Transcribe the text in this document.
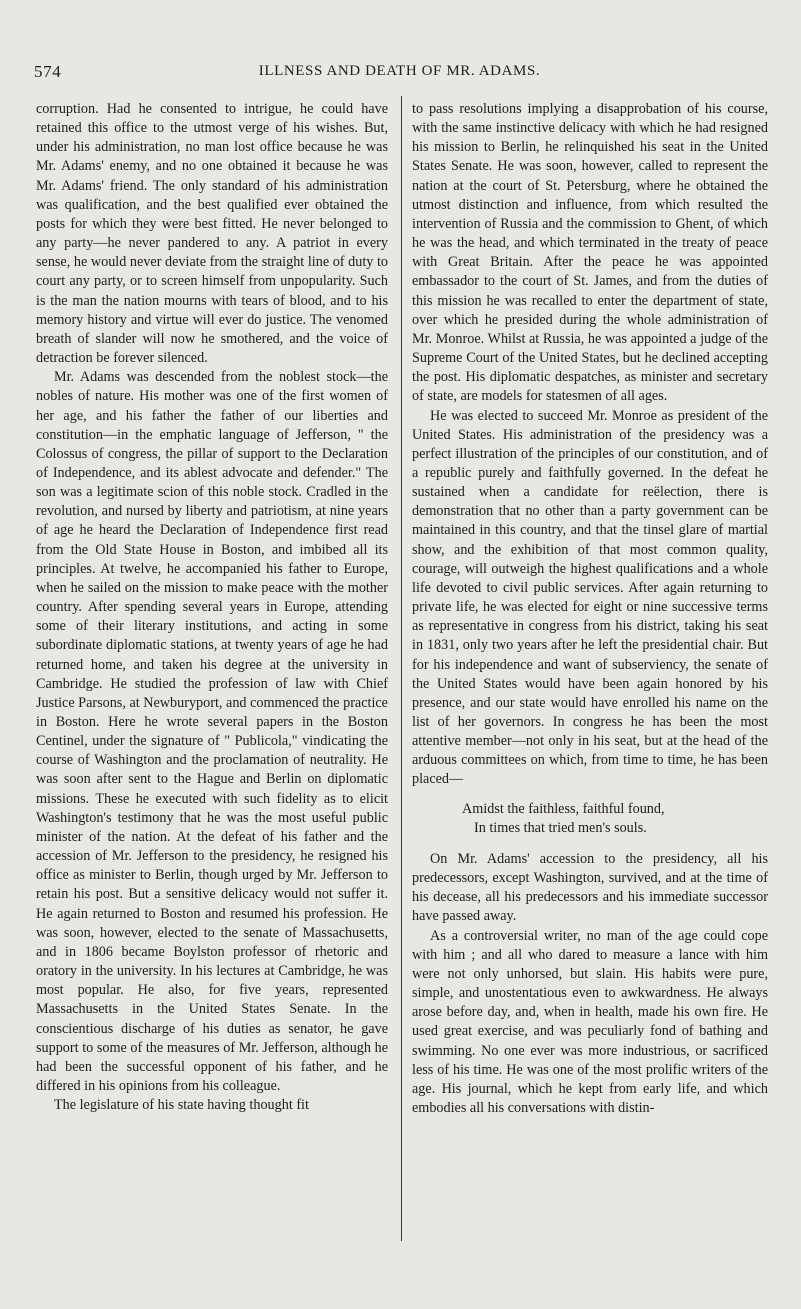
574	ILLNESS AND DEATH OF MR. ADAMS.

corruption. Had he consented to intrigue, he could have retained this office to the utmost verge of his wishes. But, under his administration, no man lost office because he was Mr. Adams' enemy, and no one obtained it because he was Mr. Adams' friend. The only standard of his administration was qualification, and the best qualified ever obtained the posts for which they were best fitted. He never belonged to any party—he never pandered to any. A patriot in every sense, he would never deviate from the straight line of duty to court any party, or to screen himself from unpopularity. Such is the man the nation mourns with tears of blood, and to his memory history and virtue will ever do justice. The venomed breath of slander will now he smothered, and the voice of detraction be forever silenced.

Mr. Adams was descended from the noblest stock—the nobles of nature. His mother was one of the first women of her age, and his father the father of our liberties and constitution—in the emphatic language of Jefferson, " the Colossus of congress, the pillar of support to the Declaration of Independence, and its ablest advocate and defender." The son was a legitimate scion of this noble stock. Cradled in the revolution, and nursed by liberty and patriotism, at nine years of age he heard the Declaration of Independence first read from the Old State House in Boston, and imbibed all its principles. At twelve, he accompanied his father to Europe, when he sailed on the mission to make peace with the mother country. After spending several years in Europe, attending some of their literary institutions, and acting in some subordinate diplomatic stations, at twenty years of age he had returned home, and taken his degree at the university in Cambridge. He studied the profession of law with Chief Justice Parsons, at Newburyport, and commenced the practice in Boston. Here he wrote several papers in the Boston Centinel, under the signature of " Publicola," vindicating the course of Washington and the proclamation of neutrality. He was soon after sent to the Hague and Berlin on diplomatic missions. These he executed with such fidelity as to elicit Washington's testimony that he was the most useful public minister of the nation. At the defeat of his father and the accession of Mr. Jefferson to the presidency, he resigned his office as minister to Berlin, though urged by Mr. Jefferson to retain his post. But a sensitive delicacy would not suffer it. He again returned to Boston and resumed his profession. He was soon, however, elected to the senate of Massachusetts, and in 1806 became Boylston professor of rhetoric and oratory in the university. In his lectures at Cambridge, he was most popular. He also, for five years, represented Massachusetts in the United States Senate. In the conscientious discharge of his duties as senator, he gave support to some of the measures of Mr. Jefferson, although he had been the successful opponent of his father, and he differed in his opinions from his colleague.

The legislature of his state having thought fit

to pass resolutions implying a disapprobation of his course, with the same instinctive delicacy with which he had resigned his mission to Berlin, he relinquished his seat in the United States Senate. He was soon, however, called to represent the nation at the court of St. Petersburg, where he obtained the utmost distinction and influence, from which resulted the intervention of Russia and the commission to Ghent, of which he was the head, and which terminated in the treaty of peace with Great Britain. After the peace he was appointed embassador to the court of St. James, and from the duties of this mission he was recalled to enter the department of state, over which he presided during the whole administration of Mr. Monroe. Whilst at Russia, he was appointed a judge of the Supreme Court of the United States, but he declined accepting the post. His diplomatic despatches, as minister and secretary of state, are models for statesmen of all ages.

He was elected to succeed Mr. Monroe as president of the United States. His administration of the presidency was a perfect illustration of the principles of our constitution, and of a republic purely and faithfully governed. In the defeat he sustained when a candidate for reëlection, there is demonstration that no other than a party government can be maintained in this country, and that the tinsel glare of martial show, and the exhibition of that most common quality, courage, will outweigh the highest qualifications and a whole life devoted to civil public services. After again returning to private life, he was elected for eight or nine successive terms as representative in congress from his district, taking his seat in 1831, only two years after he left the presidential chair. But for his independence and want of subserviency, the senate of the United States would have been again honored by his presence, and our state would have enrolled his name on the list of her governors. In congress he has been the most attentive member—not only in his seat, but at the head of the arduous committees on which, from time to time, he has been placed—

Amidst the faithless, faithful found,
In times that tried men's souls.

On Mr. Adams' accession to the presidency, all his predecessors, except Washington, survived, and at the time of his decease, all his predecessors and his immediate successor have passed away.

As a controversial writer, no man of the age could cope with him ; and all who dared to measure a lance with him were not only unhorsed, but slain. His habits were pure, simple, and unostentatious even to awkwardness. He always arose before day, and, when in health, made his own fire. He used great exercise, and was peculiarly fond of bathing and swimming. No one ever was more industrious, or sacrificed less of his time. He was one of the most prolific writers of the age. His journal, which he kept from early life, and which embodies all his conversations with distin-
